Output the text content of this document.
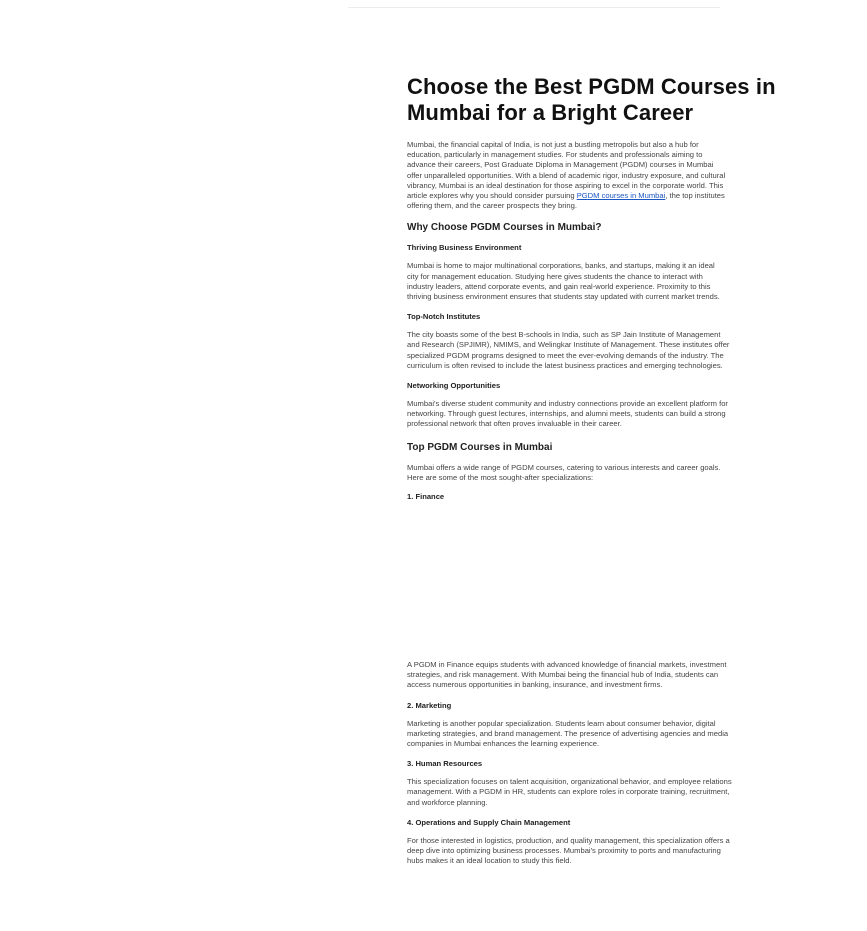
Choose the Best PGDM Courses in
Mumbai for a Bright Career

Mumbai, the financial capital of India, is not just a bustling metropolis but also a hub for

education, particularly in management studies. For students and professionals aiming to

advance their careers, Post Graduate Diploma in Management (PGDM) courses in Mumbai

offer unparalleled opportunities. With a blend of academic rigor, industry exposure, and cultural

vibrancy, Mumbai is an ideal destination for those aspiring to excel in the corporate world. This

article explores why you should consider pursuing PGDM courses in Mumbai, the top institutes

offering them, and the career prospects they bring.

Why Choose PGDM Courses in Mumbai?
Thriving Business Environment

Mumbai is home to major multinational corporations, banks, and startups, making it an ideal

city for management education. Studying here gives students the chance to interact with

industry leaders, attend corporate events, and gain real-world experience. Proximity to this

thriving business environment ensures that students stay updated with current market trends.

Top-Notch Institutes

The city boasts some of the best B-schools in India, such as SP Jain Institute of Management

and Research (SPJIMR), NMIMS, and Welingkar Institute of Management. These institutes offer

specialized PGDM programs designed to meet the ever-evolving demands of the industry. The

curriculum is often revised to include the latest business practices and emerging technologies.

Networking Opportunities

Mumbai's diverse student community and industry connections provide an excellent platform for

networking. Through guest lectures, internships, and alumni meets, students can build a strong

professional network that often proves invaluable in their career.

Top PGDM Courses in Mumbai

Mumbai offers a wide range of PGDM courses, catering to various interests and career goals.

Here are some of the most sought-after specializations:

1. Finance

A PGDM in Finance equips students with advanced knowledge of financial markets, investment

strategies, and risk management. With Mumbai being the financial hub of India, students can

access numerous opportunities in banking, insurance, and investment firms.

2. Marketing

Marketing is another popular specialization. Students learn about consumer behavior, digital

marketing strategies, and brand management. The presence of advertising agencies and media

companies in Mumbai enhances the learning experience.

3. Human Resources

This specialization focuses on talent acquisition, organizational behavior, and employee relations

management. With a PGDM in HR, students can explore roles in corporate training, recruitment,

and workforce planning.

4. Operations and Supply Chain Management

For those interested in logistics, production, and quality management, this specialization offers a

deep dive into optimizing business processes. Mumbai's proximity to ports and manufacturing

hubs makes it an ideal location to study this field.
